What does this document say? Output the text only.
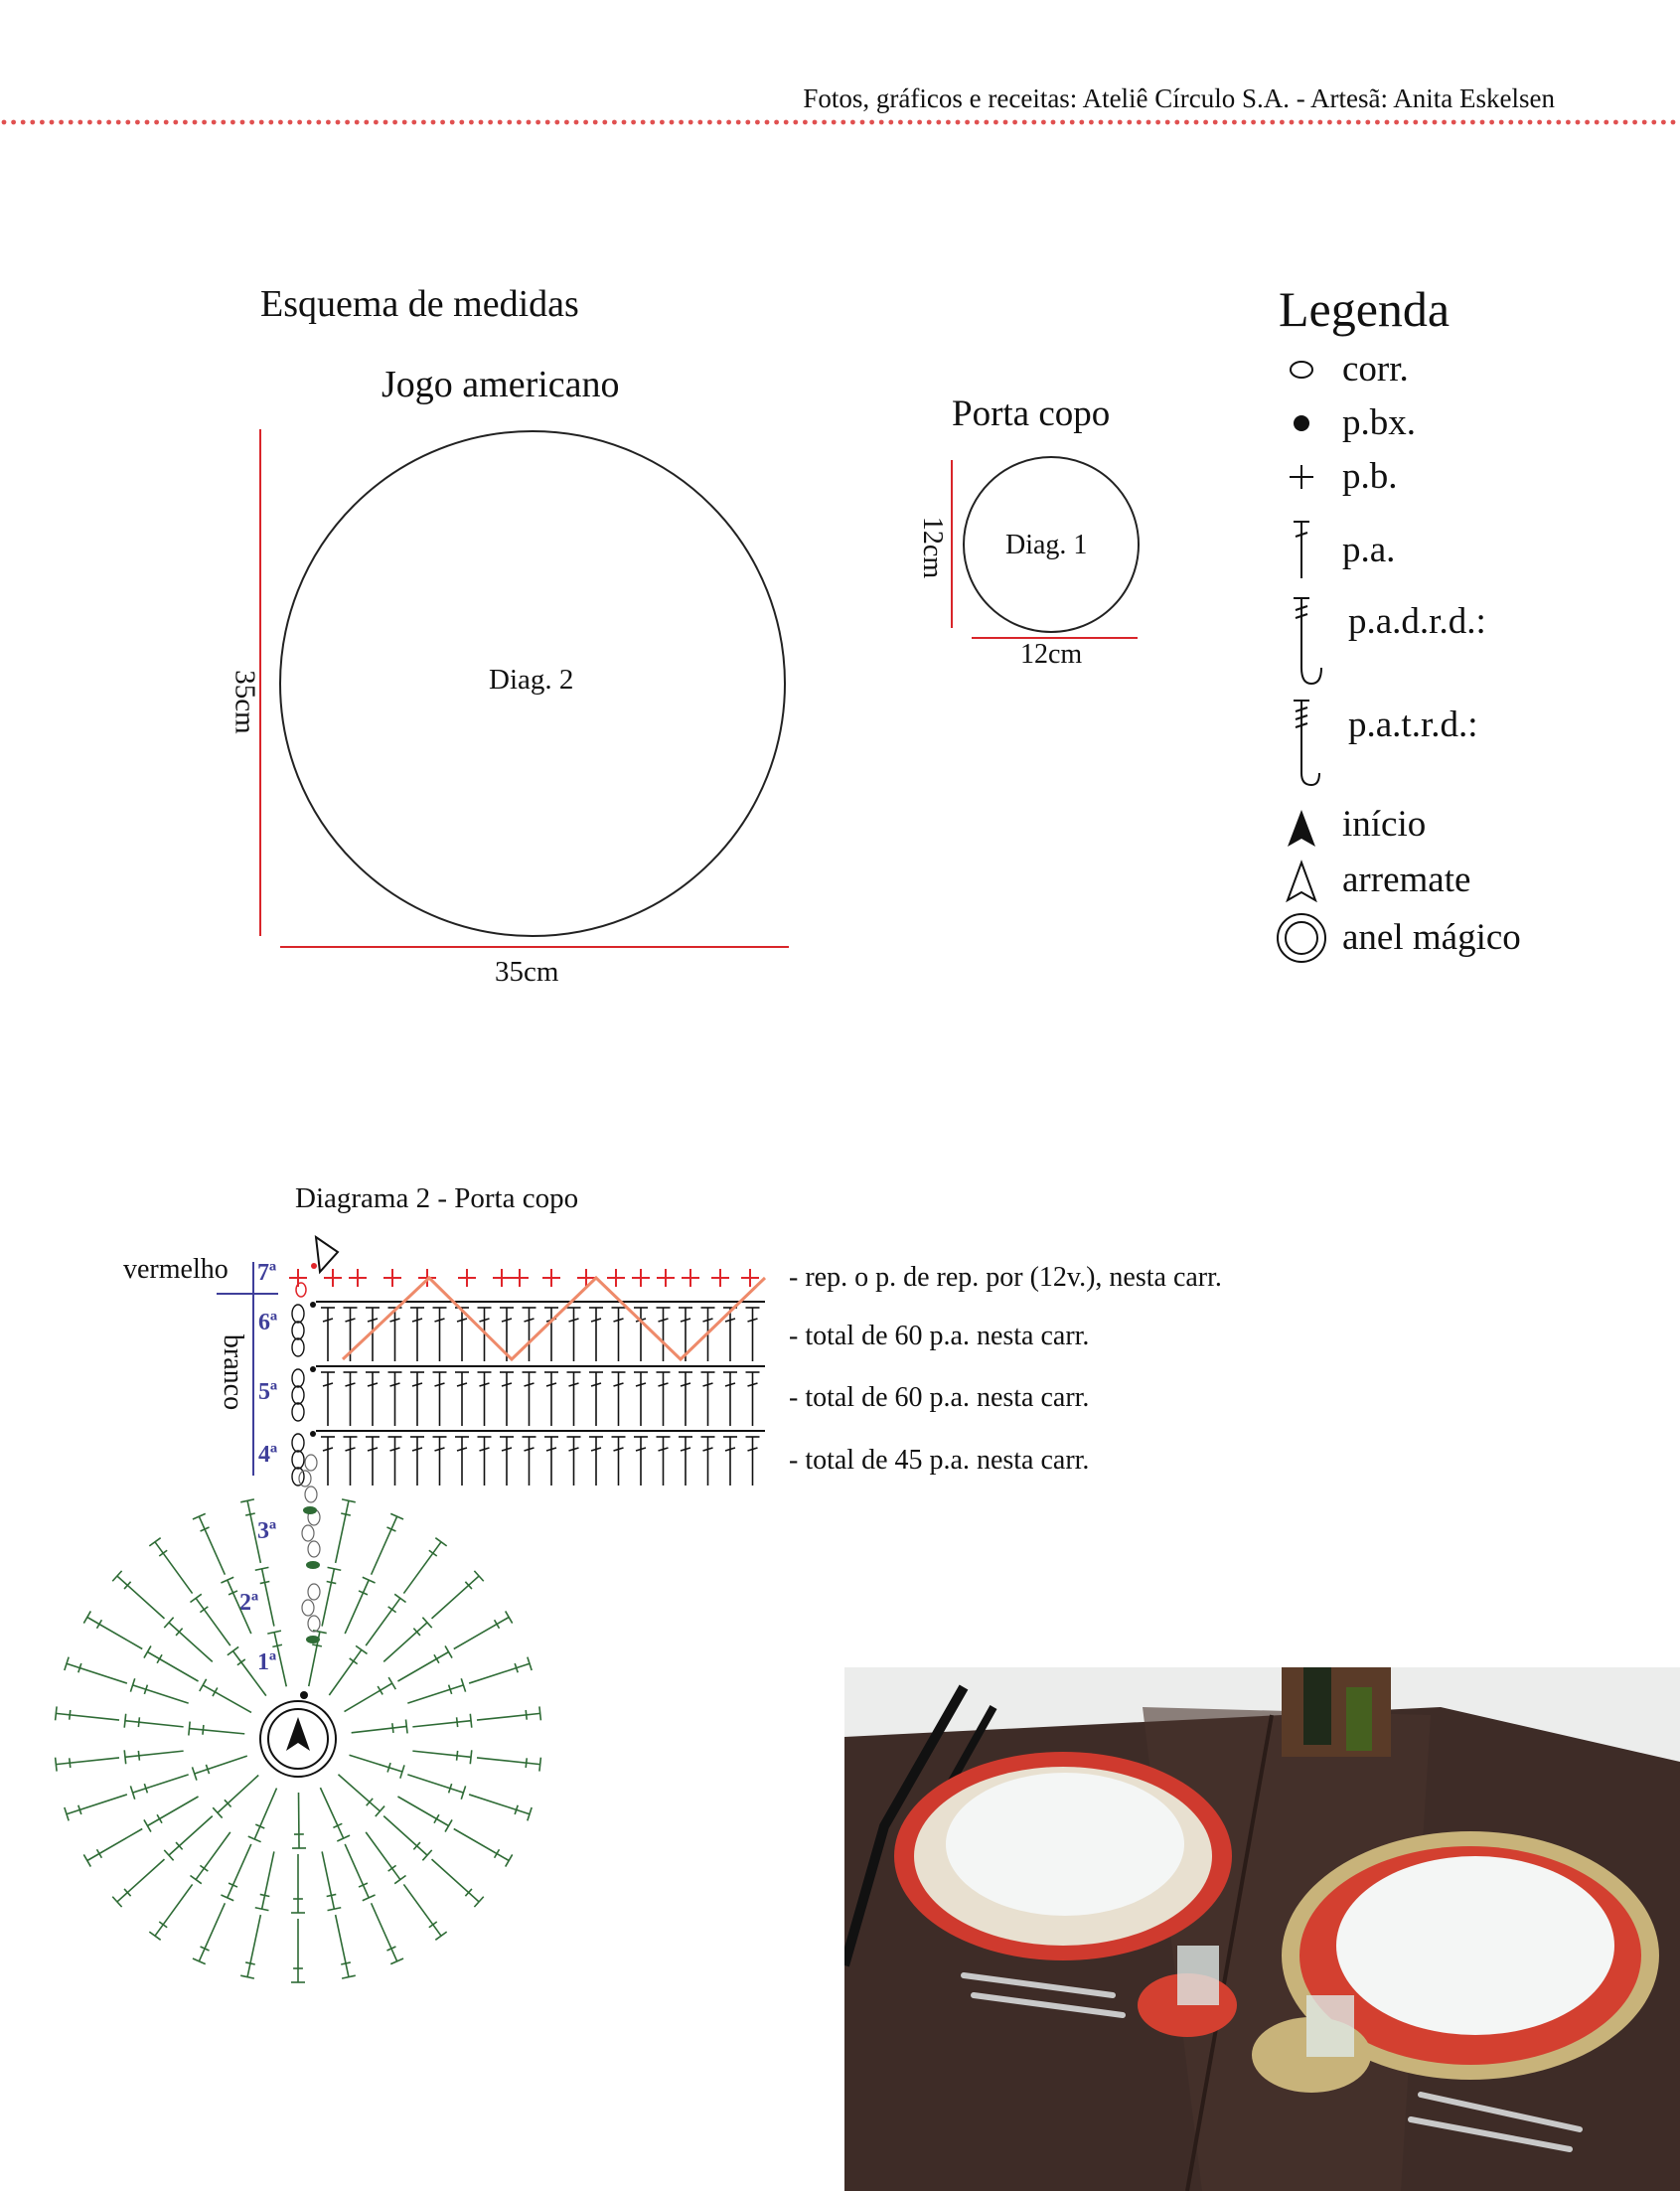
Fotos, gráficos e receitas: Ateliê Círculo S.A. - Artesã: Anita Eskelsen
Esquema de medidas
Jogo americano
Porta copo
Diag. 2
35cm
35cm
Diag. 1
12cm
12cm
Legenda
corr.
p.bx.
p.b.
p.a.
p.a.d.r.d.:
p.a.t.r.d.:
início
arremate
anel mágico
Diagrama 2 - Porta copo
vermelho
branco
- rep. o p. de rep. por (12v.), nesta carr.
- total de 60 p.a. nesta carr.
- total de 60 p.a. nesta carr.
- total de 45 p.a. nesta carr.
7ª
6ª
5ª
4ª
3ª
2ª
1ª
